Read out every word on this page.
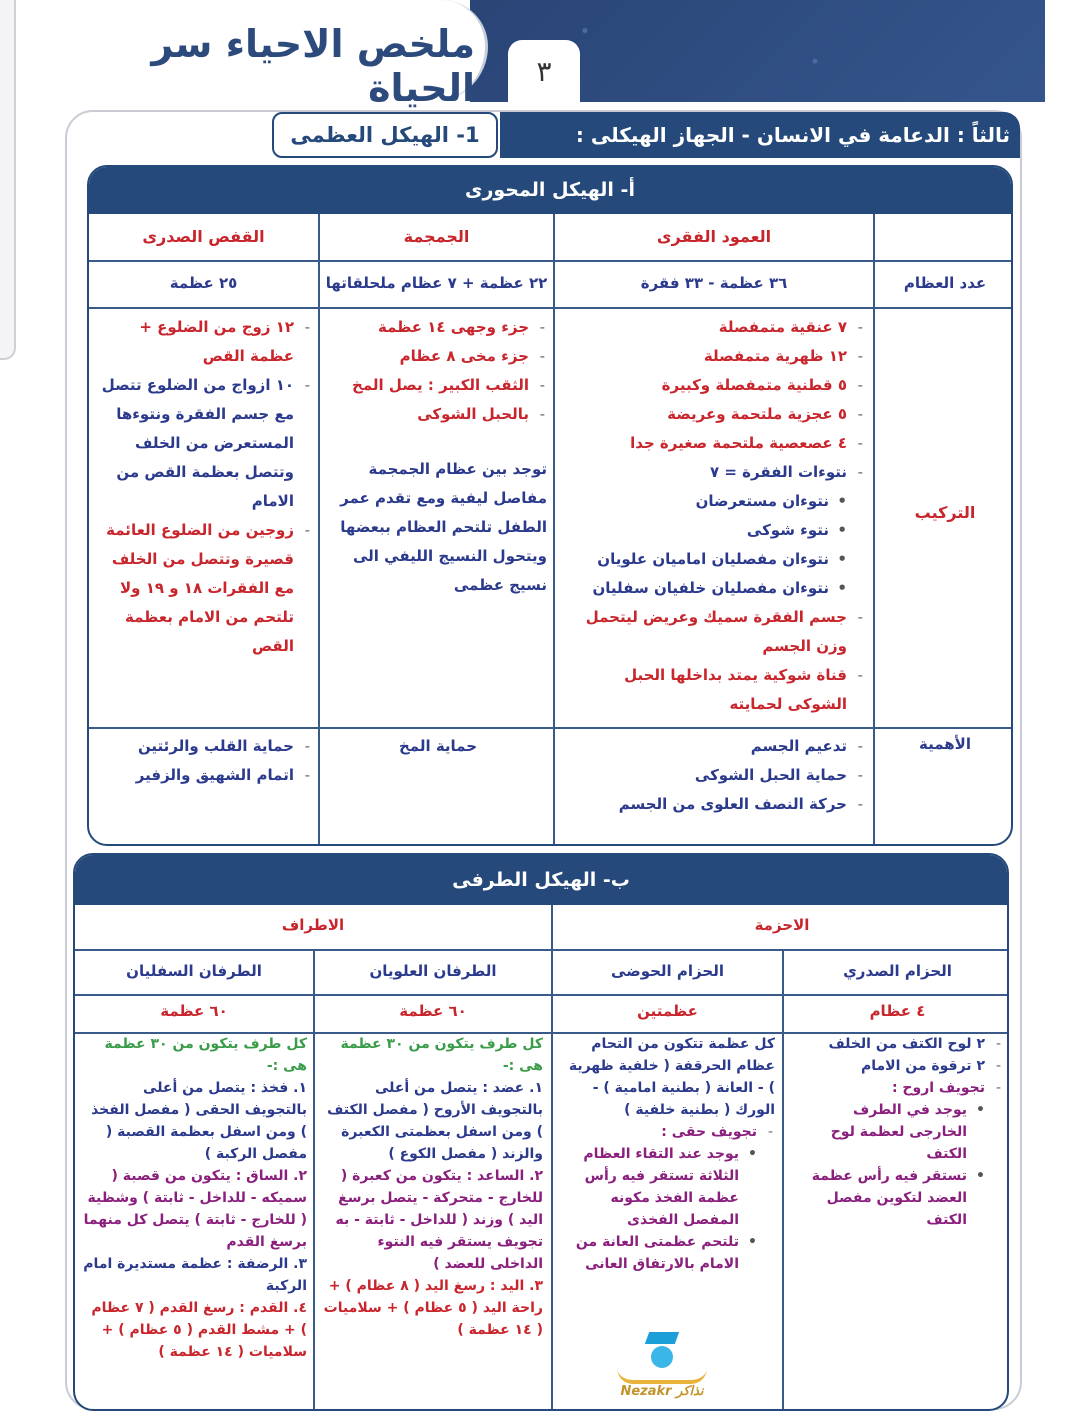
ملخص الاحياء سر الحياة	٣
1- الهيكل العظمى	ثالثاً : الدعامة في الانسان - الجهاز الهيكلى :
أ- الهيكل المحورى
العمود الفقرى
الجمجمة
القفص الصدرى
عدد العظام
التركيب
الأهمية
٣٦ عظمة - ٣٣ فقرة
٢٢ عظمة + ٧ عظام ملحلقاتها
٢٥ عظمة
- ٧ عنقية متمفصلة
- ١٢ ظهرية متمفصلة
- ٥ قطنية متمفصلة وكبيرة
- ٥ عجزية ملتحمة وعريضة
- ٤ عصعصية ملتحمة صغيرة جدا
- نتوءات الفقرة = ٧
• نتوءان مستعرضان
• نتوء شوكى
• نتوءان مفصليان اماميان علويان
• نتوءان مفصليان خلفيان سفليان
- جسم الفقرة سميك وعريض ليتحمل وزن الجسم
- قناة شوكية يمتد بداخلها الحبل الشوكى لحمايته
- جزء وجهى ١٤ عظمة
- جزء مخى ٨ عظام
- الثقب الكبير : يصل المخ
- بالحبل الشوكى
توجد بين عظام الجمجمة مفاصل ليفية ومع تقدم عمر الطفل تلتحم العظام ببعضها ويتحول النسيج الليفي الى نسيج عظمى
- ١٢ زوج من الضلوع + عظمة القص
- ١٠ ازواج من الضلوع تتصل مع جسم الفقرة ونتوءها المستعرض من الخلف وتتصل بعظمة القص من الامام
- زوجين من الضلوع العائمة قصيرة وتتصل من الخلف مع الفقرات ١٨ و ١٩ ولا تلتحم من الامام بعظمة القص
- تدعيم الجسم
- حماية الحبل الشوكى
- حركة النصف العلوى من الجسم
حماية المخ
- حماية القلب والرئتين
- اتمام الشهيق والزفير
ب- الهيكل الطرفى
الاحزمة
الاطراف
الحزام الصدري
الحزام الحوضى
الطرفان العلويان
الطرفان السفليان
٤ عظام
عظمتين
٦٠ عظمة
٦٠ عظمة
- ٢ لوح الكتف من الخلف
- ٢ ترقوة من الامام
- تجويف اروح :
• يوجد في الطرف الخارجى لعظمة لوح الكتف
• تستقر فيه رأس عظمة العضد لتكوين مفصل الكتف
كل عظمة تتكون من التحام عظام الحرقفة ( خلفية ظهرية ) - العانة ( بطنية امامية ) - الورك ( بطنية خلفية )
- تجويف حقى :
• يوجد عند التقاء العظام الثلاثة تستقر فيه رأس عظمة الفخذ مكونه المفصل الفخذى
• تلتحم عظمتى العانة من الامام بالارتفاق العانى
كل طرف يتكون من ٣٠ عظمة هى :-
١. عضد : يتصل من أعلى بالتجويف الأروح ( مفصل الكتف ) ومن اسفل بعظمتى الكعبرة والزند ( مفصل الكوع )
٢. الساعد : يتكون من كعبرة ( للخارج - متحركة - يتصل برسغ اليد ) وزند ( للداخل - ثابتة - به تجويف يستقر فيه النتوء الداخلى للعضد )
٣. اليد : رسغ اليد ( ٨ عظام ) + راحة اليد ( ٥ عظام ) + سلاميات ( ١٤ عظمة )
كل طرف يتكون من ٣٠ عظمة هى :-
١. فخذ : يتصل من أعلى بالتجويف الحقى ( مفصل الفخذ ) ومن اسفل بعظمة القصبة ( مفصل الركبة )
٢. الساق : يتكون من قصبة ( سميكه - للداخل - ثابتة ) وشظية ( للخارج - ثابتة ) يتصل كل منهما برسغ القدم
٣. الرضفة : عظمة مستديرة امام الركبة
٤. القدم : رسغ القدم ( ٧ عظام ) + مشط القدم ( ٥ عظام ) + سلاميات ( ١٤ عظمة )
Nezakr نذاكر
